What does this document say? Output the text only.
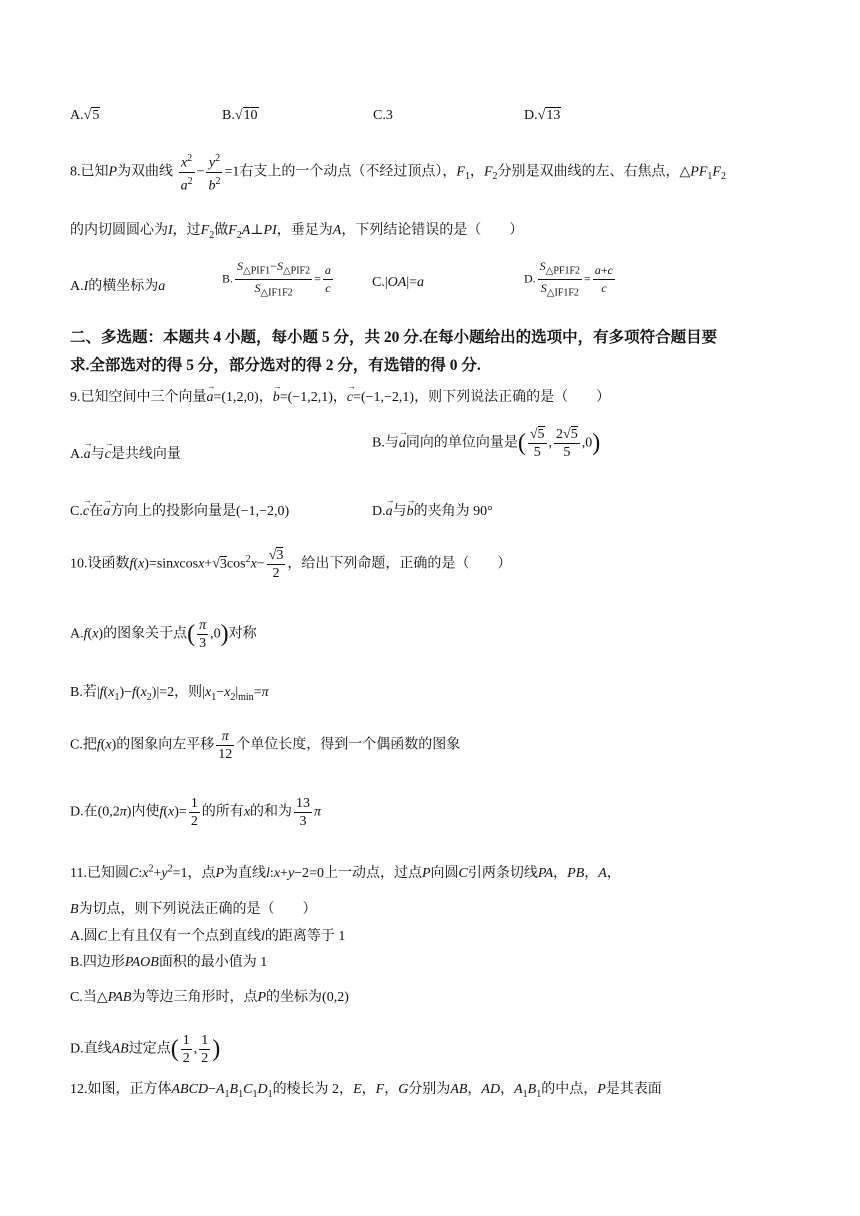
A.√5	B.√10	C.3	D.√13
8.已知P为双曲线 $\frac{x^2}{a^2} - \frac{y^2}{b^2} =1$右支上的一个动点（不经过顶点），$F_1$，$F_2$分别是双曲线的左、右焦点，$\triangle PF_1F_2$
的内切圆圆心为I，过$F_2$做$F_2A\perp PI$，垂足为A，下列结论错误的是（　　）
A.I的横坐标为a
B. $\frac{S_{\triangle PIF1}-S_{\triangle PIF2}}{S_{\triangle IF1F2}} = \frac{a}{c}$	C.|OA|=a	D. $\frac{S_{\triangle PF1F2}}{S_{\triangle IF1F2}} = \frac{a+c}{c}$
二、多选题：本题共 4 小题，每小题 5 分，共 20 分.在每小题给出的选项中，有多项符合题目要
求.全部选对的得 5 分，部分选对的得 2 分，有选错的得 0 分.
9.已知空间中三个向量→ a=(1,2,0)，→ b=(−1,2,1)，→ c=(−1,−2,1)，则下列说法正确的是（　　）
A.→ a与→ c是共线向量
B.与→ a同向的单位向量是( $\frac{√5}{5}$ , $\frac{2√5}{5} ,0$)
C.→ c在→ a方向上的投影向量是(−1,−2,0)	D.→ a与→ b的夹角为 90°
10.设函数$f(x)=sinxcosx+√3\cos^2x- \frac{√3}{2}$ ，给出下列命题，正确的是（　　）
A.f(x)的图象关于点( $\frac{\pi}{3} ,0$)对称
B.若$|f(x_1)-f(x_2)|=2$，则$|x_1-x_2|_{min}=\pi$
C.把f(x)的图象向左平移 $\frac{\pi}{12}$ 个单位长度，得到一个偶函数的图象
D.在(0,2π)内使$f(x)= \frac{1}{2}$ 的所有x的和为 $\frac{13}{3}$ π
11.已知圆$C:x^2+y^2=1$，点P为直线l:x+y−2=0上一动点，过点P向圆C引两条切线PA，PB，A，
B为切点，则下列说法正确的是（　　）
A.圆C上有且仅有一个点到直线l的距离等于 1
B.四边形PAOB面积的最小值为 1
C.当△PAB为等边三角形时，点P的坐标为(0,2)
D.直线AB过定点( $\frac{1}{2}$ , $\frac{1}{2}$ )
12.如图，正方体$ABCD-A_1B_1C_1D_1$的棱长为 2，E，F，G分别为AB，AD，$A_1B_1$的中点，P是其表面
